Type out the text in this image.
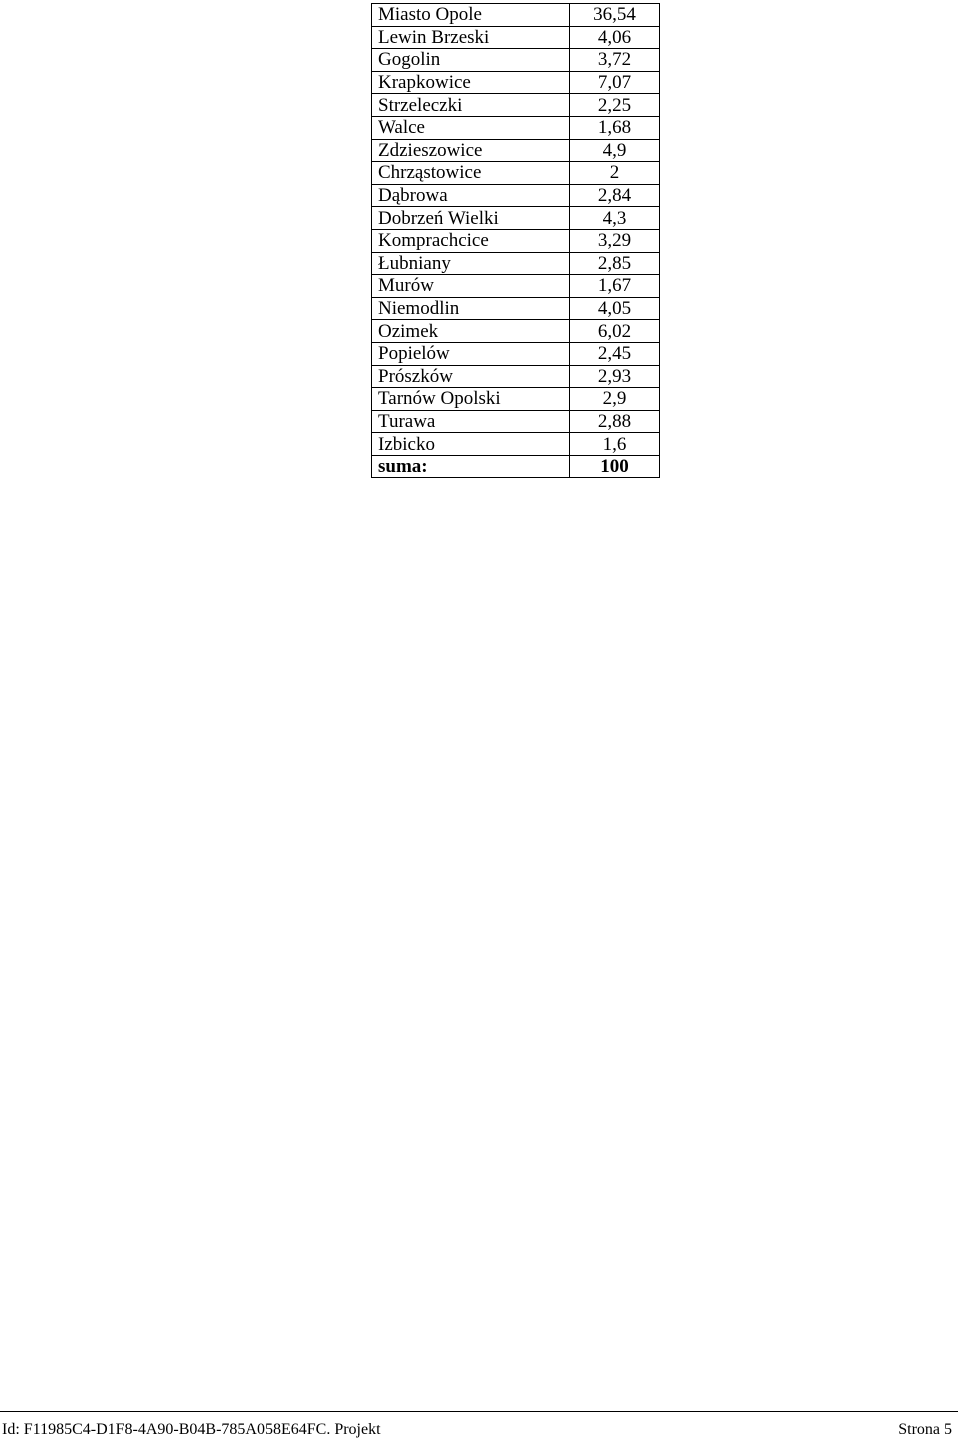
Miasto Opole	36,54
Lewin Brzeski	4,06
Gogolin	3,72
Krapkowice	7,07
Strzeleczki	2,25
Walce	1,68
Zdzieszowice	4,9
Chrząstowice	2
Dąbrowa	2,84
Dobrzeń Wielki	4,3
Komprachcice	3,29
Łubniany	2,85
Murów	1,67
Niemodlin	4,05
Ozimek	6,02
Popielów	2,45
Prószków	2,93
Tarnów Opolski	2,9
Turawa	2,88
Izbicko	1,6
suma:	100
Id: F11985C4-D1F8-4A90-B04B-785A058E64FC. Projekt	Strona 5
